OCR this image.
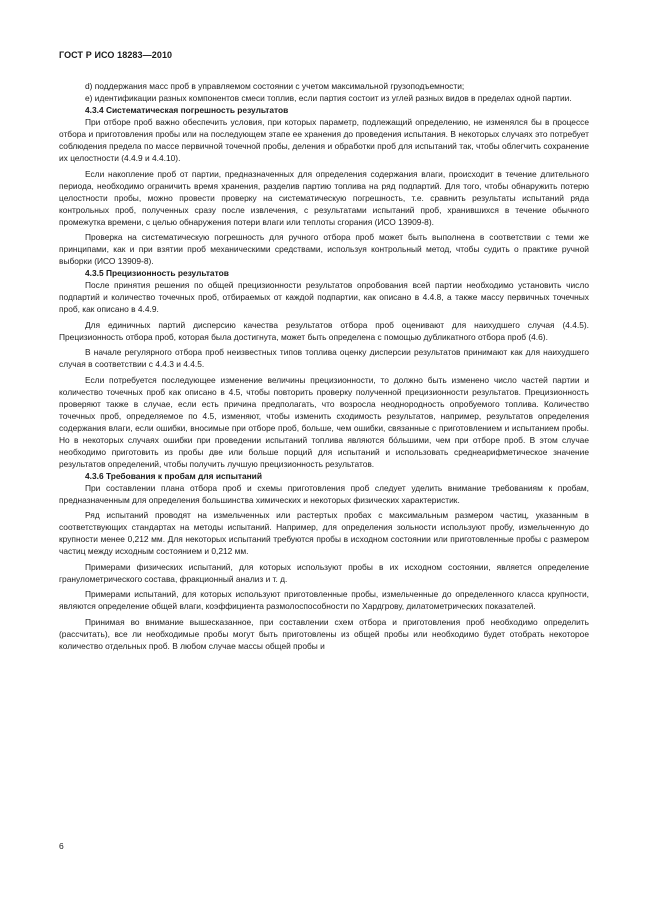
ГОСТ Р ИСО 18283—2010

d) поддержания масс проб в управляемом состоянии с учетом максимальной грузоподъемности;

e) идентификации разных компонентов смеси топлив, если партия состоит из углей разных видов в пределах одной партии.

4.3.4 Систематическая погрешность результатов

При отборе проб важно обеспечить условия, при которых параметр, подлежащий определению, не изменялся бы в процессе отбора и приготовления пробы или на последующем этапе ее хранения до проведения испытания. В некоторых случаях это потребует соблюдения предела по массе первичной точечной пробы, деления и обработки проб для испытаний так, чтобы облегчить сохранение их целостности (4.4.9 и 4.4.10).

Если накопление проб от партии, предназначенных для определения содержания влаги, происходит в течение длительного периода, необходимо ограничить время хранения, разделив партию топлива на ряд подпартий. Для того, чтобы обнаружить потерю целостности пробы, можно провести проверку на систематическую погрешность, т.е. сравнить результаты испытаний ряда контрольных проб, полученных сразу после извлечения, с результатами испытаний проб, хранившихся в течение обычного промежутка времени, с целью обнаружения потери влаги или теплоты сгорания (ИСО 13909-8).

Проверка на систематическую погрешность для ручного отбора проб может быть выполнена в соответствии с теми же принципами, как и при взятии проб механическими средствами, используя контрольный метод, чтобы судить о практике ручной выборки (ИСО 13909-8).

4.3.5 Прецизионность результатов

После принятия решения по общей прецизионности результатов опробования всей партии необходимо установить число подпартий и количество точечных проб, отбираемых от каждой подпартии, как описано в 4.4.8, а также массу первичных точечных проб, как описано в 4.4.9.

Для единичных партий дисперсию качества результатов отбора проб оценивают для наихудшего случая (4.4.5). Прецизионность отбора проб, которая была достигнута, может быть определена с помощью дубликатного отбора проб (4.6).

В начале регулярного отбора проб неизвестных типов топлива оценку дисперсии результатов принимают как для наихудшего случая в соответствии с 4.4.3 и 4.4.5.

Если потребуется последующее изменение величины прецизионности, то должно быть изменено число частей партии и количество точечных проб как описано в 4.5, чтобы повторить проверку полученной прецизионности результатов. Прецизионность проверяют также в случае, если есть причина предполагать, что возросла неоднородность опробуемого топлива. Количество точечных проб, определяемое по 4.5, изменяют, чтобы изменить сходимость результатов, например, результатов определения содержания влаги, если ошибки, вносимые при отборе проб, больше, чем ошибки, связанные с приготовлением и испытанием пробы. Но в некоторых случаях ошибки при проведении испытаний топлива являются бо́льшими, чем при отборе проб. В этом случае необходимо приготовить из пробы две или больше порций для испытаний и использовать среднеарифметическое значение результатов определений, чтобы получить лучшую прецизионность результатов.

4.3.6 Требования к пробам для испытаний

При составлении плана отбора проб и схемы приготовления проб следует уделить внимание требованиям к пробам, предназначенным для определения большинства химических и некоторых физических характеристик.

Ряд испытаний проводят на измельченных или растертых пробах с максимальным размером частиц, указанным в соответствующих стандартах на методы испытаний. Например, для определения зольности используют пробу, измельченную до крупности менее 0,212 мм. Для некоторых испытаний требуются пробы в исходном состоянии или приготовленные пробы с размером частиц между исходным состоянием и 0,212 мм.

Примерами физических испытаний, для которых используют пробы в их исходном состоянии, является определение гранулометрического состава, фракционный анализ и т. д.

Примерами испытаний, для которых используют приготовленные пробы, измельченные до определенного класса крупности, являются определение общей влаги, коэффициента размолоспособности по Хардгрову, дилатометрических показателей.

Принимая во внимание вышесказанное, при составлении схем отбора и приготовления проб необходимо определить (рассчитать), все ли необходимые пробы могут быть приготовлены из общей пробы или необходимо будет отобрать некоторое количество отдельных проб. В любом случае массы общей пробы и

6
